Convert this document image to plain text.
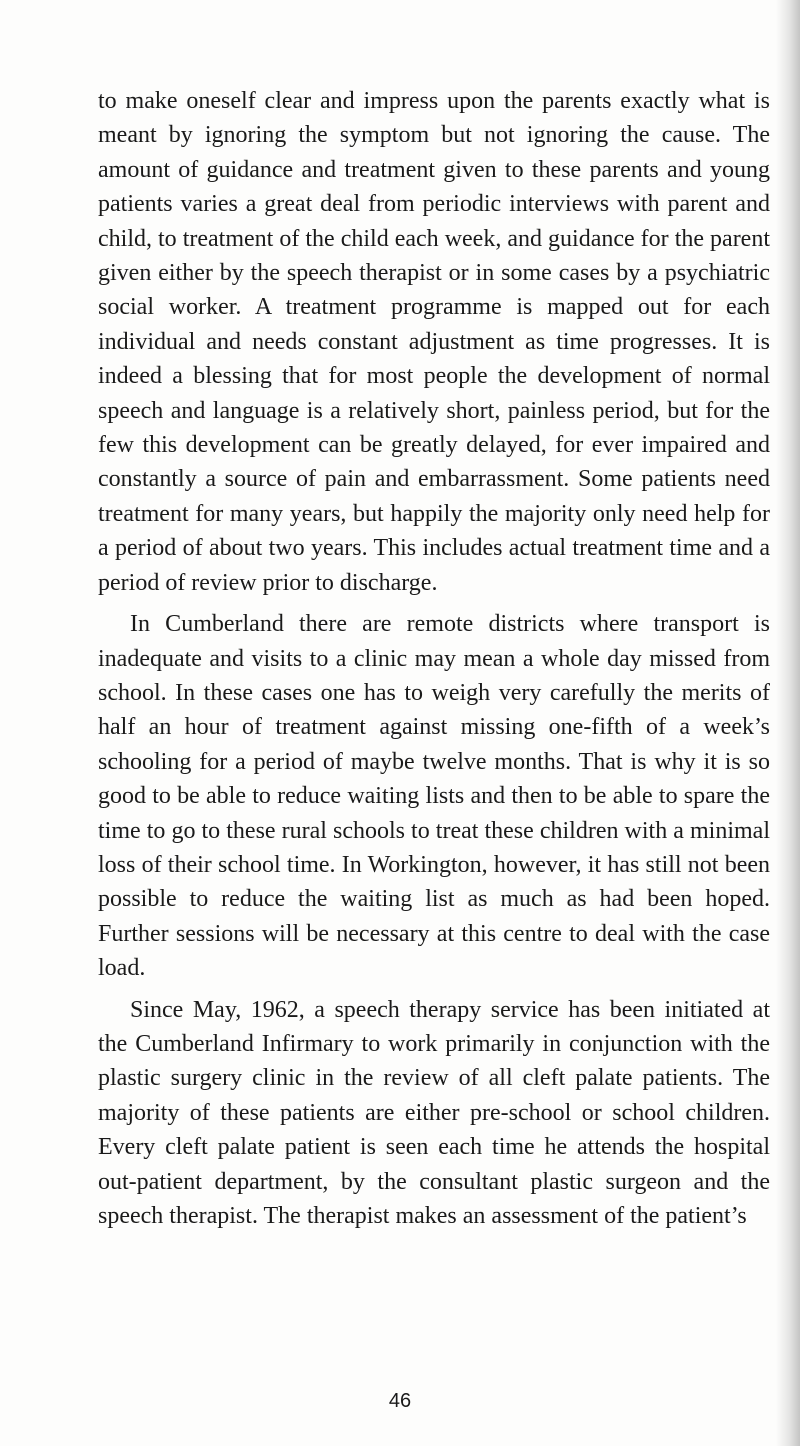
to make oneself clear and impress upon the parents exactly what is meant by ignoring the symptom but not ignoring the cause. The amount of guidance and treatment given to these parents and young patients varies a great deal from periodic interviews with parent and child, to treatment of the child each week, and guidance for the parent given either by the speech therapist or in some cases by a psychiatric social worker. A treatment programme is mapped out for each individual and needs constant adjustment as time progresses. It is indeed a blessing that for most people the development of normal speech and language is a relatively short, painless period, but for the few this development can be greatly delayed, for ever impaired and constantly a source of pain and embarrassment. Some patients need treatment for many years, but happily the majority only need help for a period of about two years. This includes actual treatment time and a period of review prior to discharge.

In Cumberland there are remote districts where transport is inadequate and visits to a clinic may mean a whole day missed from school. In these cases one has to weigh very carefully the merits of half an hour of treatment against missing one-fifth of a week’s schooling for a period of maybe twelve months. That is why it is so good to be able to reduce waiting lists and then to be able to spare the time to go to these rural schools to treat these children with a minimal loss of their school time. In Workington, however, it has still not been possible to reduce the waiting list as much as had been hoped. Further sessions will be necessary at this centre to deal with the case load.

Since May, 1962, a speech therapy service has been initiated at the Cumberland Infirmary to work primarily in conjunction with the plastic surgery clinic in the review of all cleft palate patients. The majority of these patients are either pre-school or school children. Every cleft palate patient is seen each time he attends the hospital out-patient department, by the consultant plastic surgeon and the speech therapist. The therapist makes an assessment of the patient’s

46
